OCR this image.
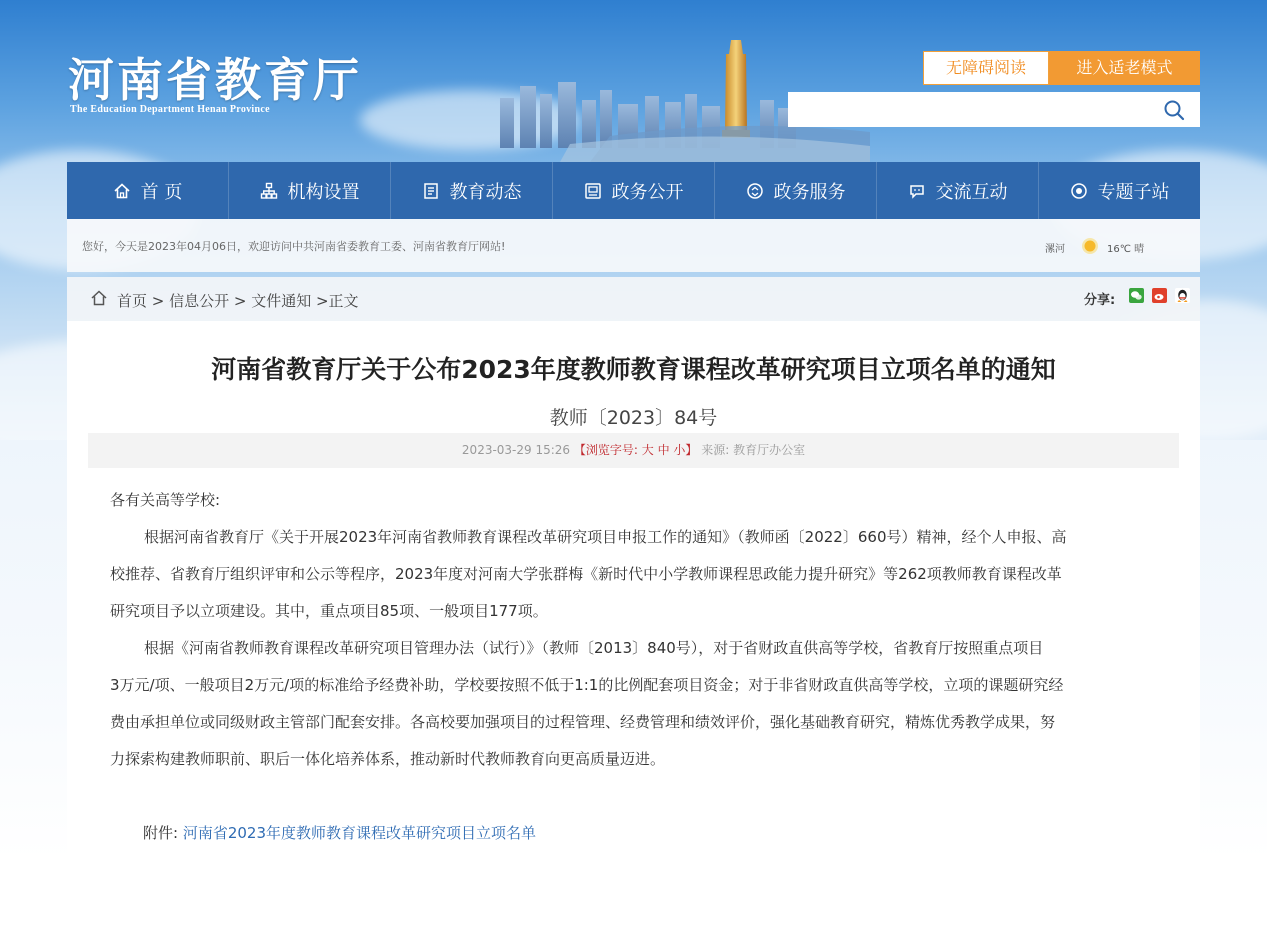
河南省教育厅
The Education Department Henan Province
无障碍阅读	进入适老模式
首 页	机构设置	教育动态	政务公开	政务服务	交流互动	专题子站
您好，今天是2023年04月06日，欢迎访问中共河南省委教育工委、河南省教育厅网站!	漯河	16℃ 晴
首页 > 信息公开 > 文件通知 >正文	分享:
河南省教育厅关于公布2023年度教师教育课程改革研究项目立项名单的通知
教师〔2023〕84号
2023-03-29 15:26 【浏览字号: 大 中 小】 来源: 教育厅办公室
各有关高等学校:
根据河南省教育厅《关于开展2023年河南省教师教育课程改革研究项目申报工作的通知》（教师函〔2022〕660号）精神，经个人申报、高
校推荐、省教育厅组织评审和公示等程序，2023年度对河南大学张群梅《新时代中小学教师课程思政能力提升研究》等262项教师教育课程改革
研究项目予以立项建设。其中，重点项目85项、一般项目177项。
根据《河南省教师教育课程改革研究项目管理办法（试行）》（教师〔2013〕840号），对于省财政直供高等学校，省教育厅按照重点项目
3万元/项、一般项目2万元/项的标准给予经费补助，学校要按照不低于1:1的比例配套项目资金；对于非省财政直供高等学校，立项的课题研究经
费由承担单位或同级财政主管部门配套安排。各高校要加强项目的过程管理、经费管理和绩效评价，强化基础教育研究，精炼优秀教学成果，努
力探索构建教师职前、职后一体化培养体系，推动新时代教师教育向更高质量迈进。
附件: 河南省2023年度教师教育课程改革研究项目立项名单
